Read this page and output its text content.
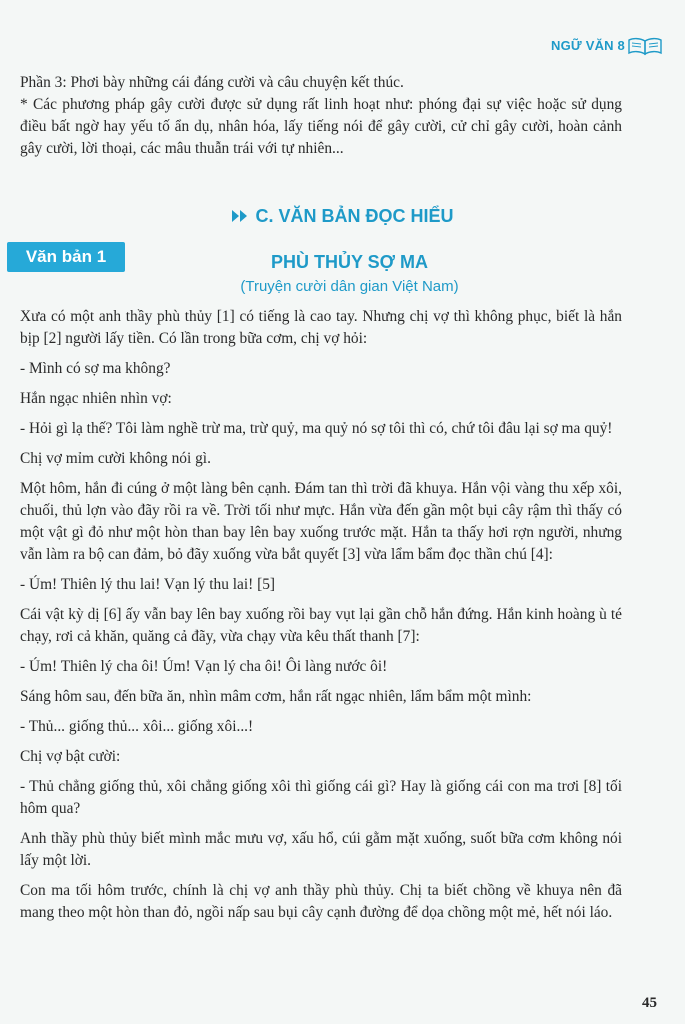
NGỮ VĂN 8

Phần 3: Phơi bày những cái đáng cười và câu chuyện kết thúc.

* Các phương pháp gây cười được sử dụng rất linh hoạt như: phóng đại sự việc hoặc sử dụng điều bất ngờ hay yếu tố ẩn dụ, nhân hóa, lấy tiếng nói để gây cười, cử chỉ gây cười, hoàn cảnh gây cười, lời thoại, các mâu thuẫn trái với tự nhiên...

C. VĂN BẢN ĐỌC HIỂU
Văn bản 1	PHÙ THỦY SỢ MA
(Truyện cười dân gian Việt Nam)

Xưa có một anh thầy phù thủy [1] có tiếng là cao tay. Nhưng chị vợ thì không phục, biết là hắn bịp [2] người lấy tiền. Có lần trong bữa cơm, chị vợ hỏi:

- Mình có sợ ma không?

Hắn ngạc nhiên nhìn vợ:

- Hỏi gì lạ thế? Tôi làm nghề trừ ma, trừ quỷ, ma quỷ nó sợ tôi thì có, chứ tôi đâu lại sợ ma quỷ!

Chị vợ mỉm cười không nói gì.

Một hôm, hắn đi cúng ở một làng bên cạnh. Đám tan thì trời đã khuya. Hắn vội vàng thu xếp xôi, chuối, thủ lợn vào đãy rồi ra về. Trời tối như mực. Hắn vừa đến gần một bụi cây rậm thì thấy có một vật gì đỏ như một hòn than bay lên bay xuống trước mặt. Hắn ta thấy hơi rợn người, nhưng vẫn làm ra bộ can đảm, bỏ đãy xuống vừa bắt quyết [3] vừa lẩm bẩm đọc thần chú [4]:

- Úm! Thiên lý thu lai! Vạn lý thu lai! [5]

Cái vật kỳ dị [6] ấy vẫn bay lên bay xuống rồi bay vụt lại gần chỗ hắn đứng. Hắn kinh hoàng ù té chạy, rơi cả khăn, quăng cả đãy, vừa chạy vừa kêu thất thanh [7]:

- Úm! Thiên lý cha ôi! Úm! Vạn lý cha ôi! Ôi làng nước ôi!

Sáng hôm sau, đến bữa ăn, nhìn mâm cơm, hắn rất ngạc nhiên, lẩm bẩm một mình:

- Thủ... giống thủ... xôi... giống xôi...!

Chị vợ bật cười:

- Thủ chẳng giống thủ, xôi chẳng giống xôi thì giống cái gì? Hay là giống cái con ma trơi [8] tối hôm qua?

Anh thầy phù thủy biết mình mắc mưu vợ, xấu hổ, cúi gằm mặt xuống, suốt bữa cơm không nói lấy một lời.

Con ma tối hôm trước, chính là chị vợ anh thầy phù thủy. Chị ta biết chồng về khuya nên đã mang theo một hòn than đỏ, ngồi nấp sau bụi cây cạnh đường để dọa chồng một mẻ, hết nói láo.

45
